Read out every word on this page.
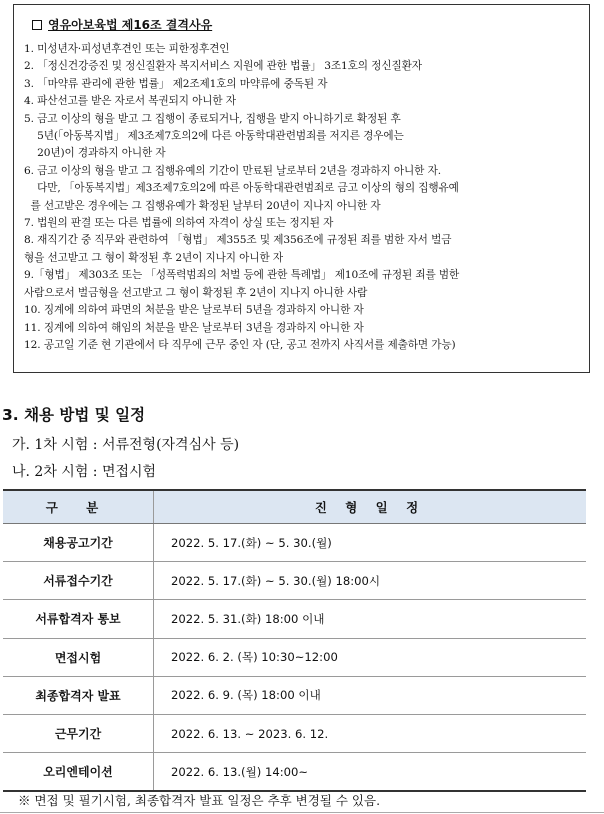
영유아보육법 제16조 결격사유
1. 미성년자·피성년후견인 또는 피한정후견인
2. 「정신건강증진 및 정신질환자 복지서비스 지원에 관한 법률」 3조1호의 정신질환자
3. 「마약류 관리에 관한 법률」 제2조제1호의 마약류에 중독된 자
4. 파산선고를 받은 자로서 복권되지 아니한 자
5. 금고 이상의 형을 받고 그 집행이 종료되거나, 집행을 받지 아니하기로 확정된 후
5년(「아동복지법」 제3조제7호의2에 다른 아동학대관련범죄를 저지른 경우에는
20년)이 경과하지 아니한 자
6. 금고 이상의 형을 받고 그 집행유예의 기간이 만료된 날로부터 2년을 경과하지 아니한 자.
다만, 「아동복지법」제3조제7호의2에 따른 아동학대관련범죄로 금고 이상의 형의 집행유예
를 선고받은 경우에는 그 집행유예가 확정된 날부터 20년이 지나지 아니한 자
7. 법원의 판결 또는 다른 법률에 의하여 자격이 상실 또는 정지된 자
8. 재직기간 중 직무와 관련하여 「형법」 제355조 및 제356조에 규정된 죄를 범한 자서 벌금
형을 선고받고 그 형이 확정된 후 2년이 지나지 아니한 자
9.「형법」 제303조 또는 「성폭력범죄의 처벌 등에 관한 특례법」 제10조에 규정된 죄를 범한
사람으로서 벌금형을 선고받고 그 형이 확정된 후 2년이 지나지 아니한 사람
10. 징계에 의하여 파면의 처분을 받은 날로부터 5년을 경과하지 아니한 자
11. 징계에 의하여 해임의 처분을 받은 날로부터 3년을 경과하지 아니한 자
12. 공고일 기준 현 기관에서 타 직무에 근무 중인 자 (단, 공고 전까지 사직서를 제출하면 가능)
3. 채용 방법 및 일정
가. 1차 시험 : 서류전형(자격심사 등)
나. 2차 시험 : 면접시험
구 분	진 형 일 정
채용공고기간	2022. 5. 17.(화) ~ 5. 30.(월)
서류접수기간	2022. 5. 17.(화) ~ 5. 30.(월) 18:00시
서류합격자 통보	2022. 5. 31.(화) 18:00 이내
면접시험	2022. 6. 2. (목) 10:30~12:00
최종합격자 발표	2022. 6. 9. (목) 18:00 이내
근무기간	2022. 6. 13. ~ 2023. 6. 12.
오리엔테이션	2022. 6. 13.(월) 14:00~
※ 면접 및 필기시험, 최종합격자 발표 일정은 추후 변경될 수 있음.
